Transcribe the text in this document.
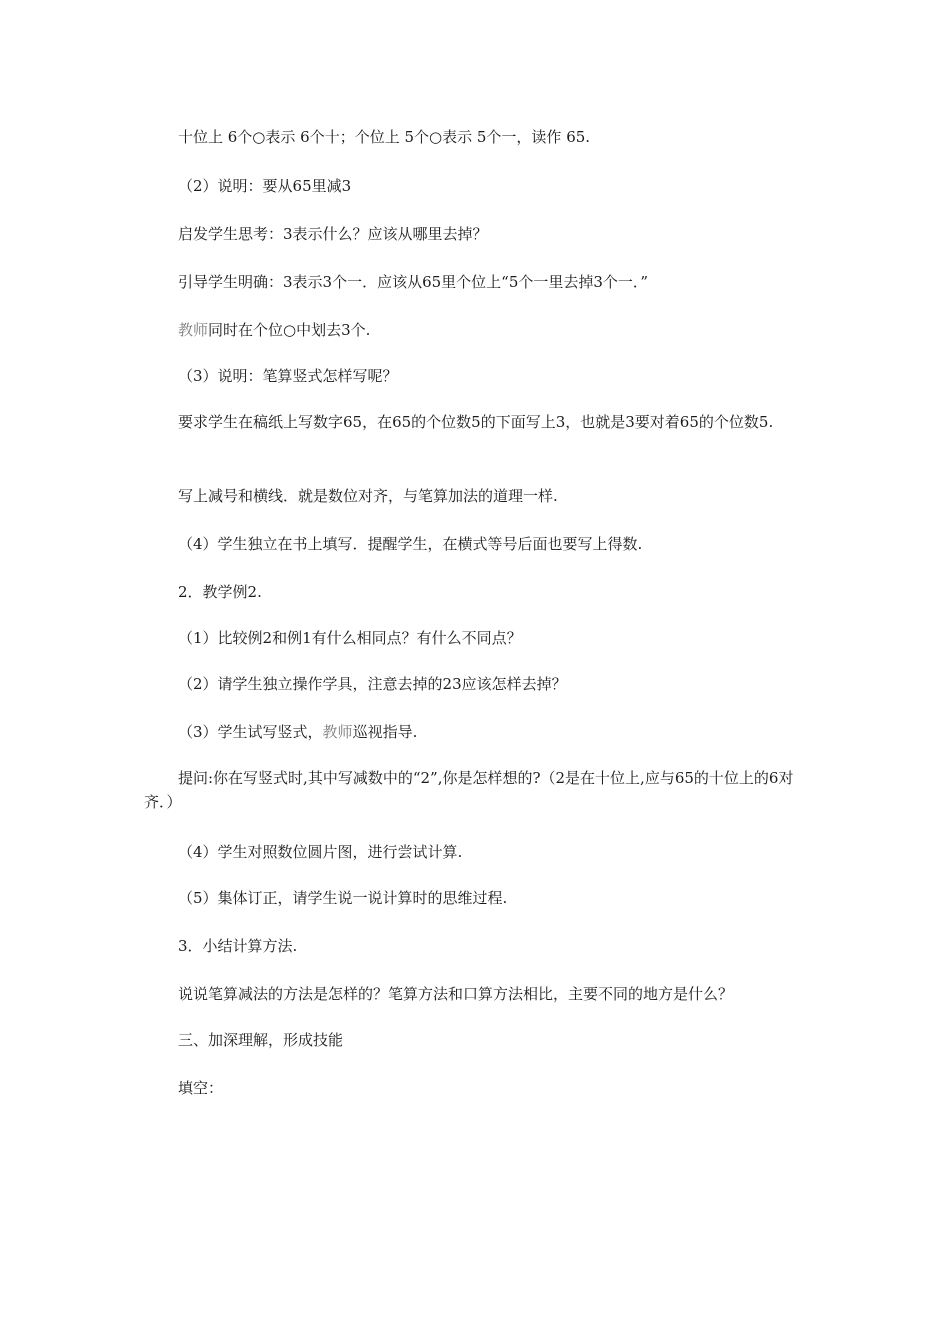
十位上 6个○表示 6个十；个位上 5个○表示 5个一，读作 65.

（2）说明：要从65里减3

启发学生思考：3表示什么？应该从哪里去掉？

引导学生明确：3表示3个一．应该从65里个位上“5个一里去掉3个一．”

教师同时在个位○中划去3个.

（3）说明：笔算竖式怎样写呢？

要求学生在稿纸上写数字65，在65的个位数5的下面写上3，也就是3要对着65的个位数5.

写上减号和横线．就是数位对齐，与笔算加法的道理一样.

（4）学生独立在书上填写．提醒学生，在横式等号后面也要写上得数.

2．教学例2.

（1）比较例2和例1有什么相同点？有什么不同点？

（2）请学生独立操作学具，注意去掉的23应该怎样去掉？

（3）学生试写竖式，教师巡视指导.

提问:你在写竖式时,其中写减数中的“2”,你是怎样想的?（2是在十位上,应与65的十位上的6对齐．）

（4）学生对照数位圆片图，进行尝试计算.

（5）集体订正，请学生说一说计算时的思维过程.

3．小结计算方法.

说说笔算减法的方法是怎样的？笔算方法和口算方法相比，主要不同的地方是什么？

三、加深理解，形成技能

填空：
